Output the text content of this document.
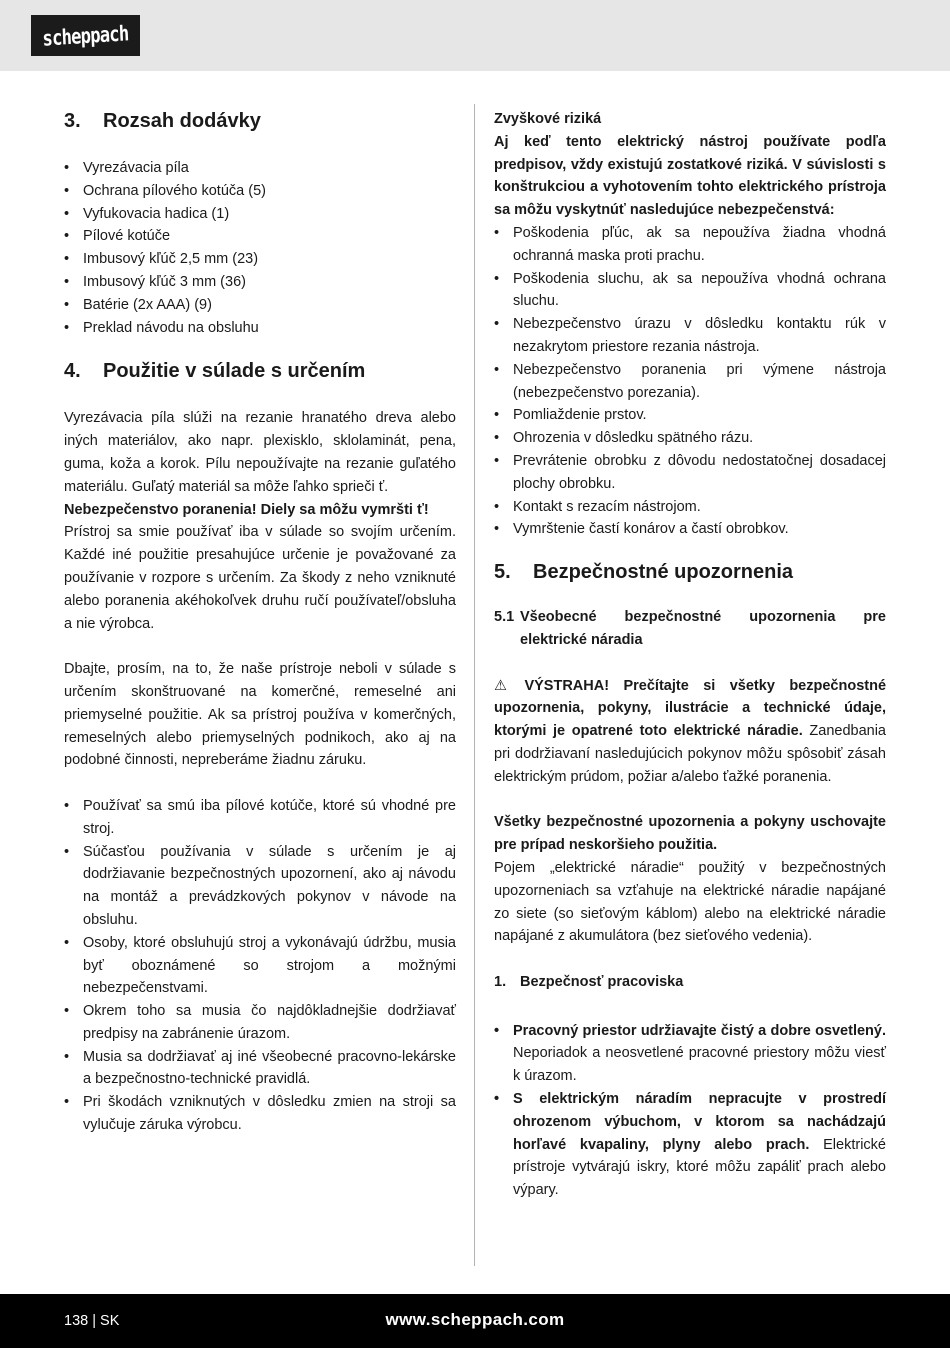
scheppach
3.	Rozsah dodávky
• Vyrezávacia píla
• Ochrana pílového kotúča (5)
• Vyfukovacia hadica (1)
• Pílové kotúče
• Imbusový kľúč 2,5 mm (23)
• Imbusový kľúč 3 mm (36)
• Batérie (2x AAA) (9)
• Preklad návodu na obsluhu
4.	Použitie v súlade s určením

Vyrezávacia píla slúži na rezanie hranatého dreva alebo iných materiálov, ako napr. plexisklo, sklolaminát, pena, guma, koža a korok. Pílu nepoužívajte na rezanie guľatého materiálu. Guľatý materiál sa môže ľahko sprieči ť.

Nebezpečenstvo poranenia! Diely sa môžu vymršti ť!

Prístroj sa smie používať iba v súlade so svojím určením. Každé iné použitie presahujúce určenie je považované za používanie v rozpore s určením. Za škody z neho vzniknuté alebo poranenia akéhokoľvek druhu ručí používateľ/obsluha a nie výrobca.

Dbajte, prosím, na to, že naše prístroje neboli v súlade s určením skonštruované na komerčné, remeselné ani priemyselné použitie. Ak sa prístroj používa v komerčných, remeselných alebo priemyselných podnikoch, ako aj na podobné činnosti, nepreberáme žiadnu záruku.

• Používať sa smú iba pílové kotúče, ktoré sú vhodné pre stroj.
• Súčasťou používania v súlade s určením je aj dodržiavanie bezpečnostných upozornení, ako aj návodu na montáž a prevádzkových pokynov v návode na obsluhu.
• Osoby, ktoré obsluhujú stroj a vykonávajú údržbu, musia byť oboznámené so strojom a možnými nebezpečenstvami.
• Okrem toho sa musia čo najdôkladnejšie dodržiavať predpisy na zabránenie úrazom.
• Musia sa dodržiavať aj iné všeobecné pracovno-lekárske a bezpečnostno-technické pravidlá.
• Pri škodách vzniknutých v dôsledku zmien na stroji sa vylučuje záruka výrobcu.

Zvyškové riziká

Aj keď tento elektrický nástroj používate podľa predpisov, vždy existujú zostatkové riziká. V súvislosti s konštrukciou a vyhotovením tohto elektrického prístroja sa môžu vyskytnúť nasledujúce nebezpečenstvá:

• Poškodenia pľúc, ak sa nepoužíva žiadna vhodná ochranná maska proti prachu.
• Poškodenia sluchu, ak sa nepoužíva vhodná ochrana sluchu.
• Nebezpečenstvo úrazu v dôsledku kontaktu rúk v nezakrytom priestore rezania nástroja.
• Nebezpečenstvo poranenia pri výmene nástroja (nebezpečenstvo porezania).
• Pomliaždenie prstov.
• Ohrozenia v dôsledku spätného rázu.
• Prevrátenie obrobku z dôvodu nedostatočnej dosadacej plochy obrobku.
• Kontakt s rezacím nástrojom.
• Vymrštenie častí konárov a častí obrobkov.
5.	Bezpečnostné upozornenia
5.1 Všeobecné bezpečnostné upozornenia pre
elektrické náradia

⚠ VÝSTRAHA! Prečítajte si všetky bezpečnostné upozornenia, pokyny, ilustrácie a technické údaje, ktorými je opatrené toto elektrické náradie. Zanedbania pri dodržiavaní nasledujúcich pokynov môžu spôsobiť zásah elektrickým prúdom, požiar a/alebo ťažké poranenia.

Všetky bezpečnostné upozornenia a pokyny uschovajte pre prípad neskoršieho použitia.

Pojem „elektrické náradie“ použitý v bezpečnostných upozorneniach sa vzťahuje na elektrické náradie napájané zo siete (so sieťovým káblom) alebo na elektrické náradie napájané z akumulátora (bez sieťového vedenia).

1. Bezpečnosť pracoviska
• Pracovný priestor udržiavajte čistý a dobre osvetlený. Neporiadok a neosvetlené pracovné priestory môžu viesť k úrazom.
• S elektrickým náradím nepracujte v prostredí ohrozenom výbuchom, v ktorom sa nachádzajú horľavé kvapaliny, plyny alebo prach. Elektrické prístroje vytvárajú iskry, ktoré môžu zapáliť prach alebo výpary.
138 | SK	www.scheppach.com
